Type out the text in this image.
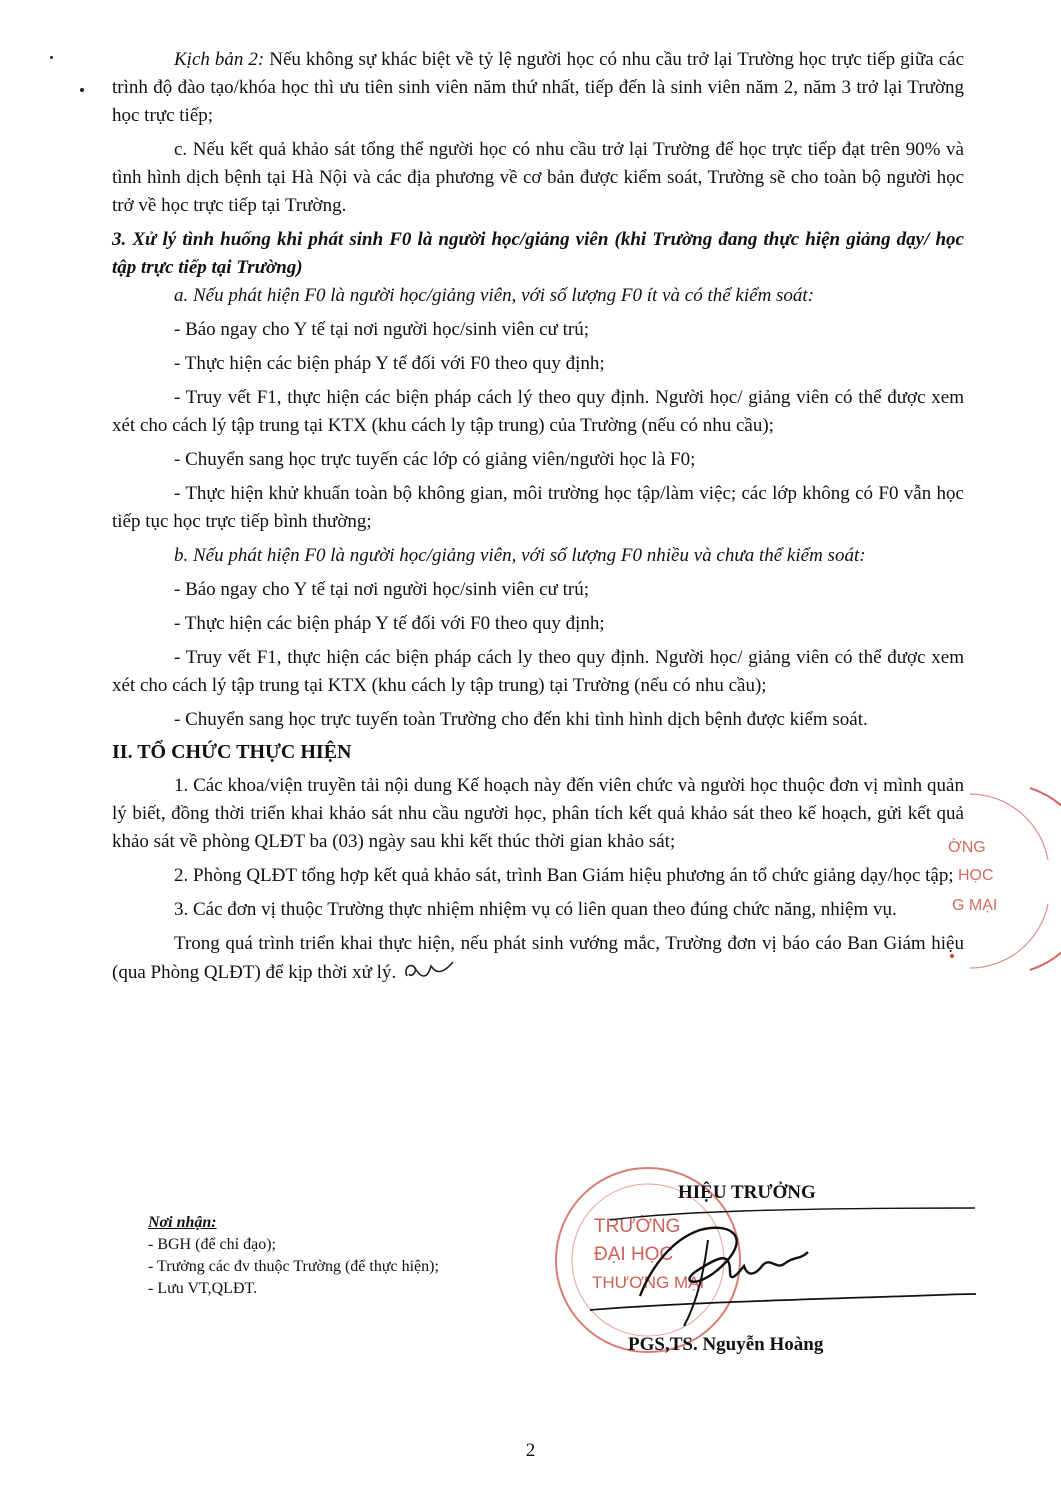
Kịch bản 2: Nếu không sự khác biệt về tỷ lệ người học có nhu cầu trở lại Trường học trực tiếp giữa các trình độ đào tạo/khóa học thì ưu tiên sinh viên năm thứ nhất, tiếp đến là sinh viên năm 2, năm 3 trở lại Trường học trực tiếp;

c. Nếu kết quả khảo sát tổng thể người học có nhu cầu trở lại Trường để học trực tiếp đạt trên 90% và tình hình dịch bệnh tại Hà Nội và các địa phương về cơ bản được kiểm soát, Trường sẽ cho toàn bộ người học trở về học trực tiếp tại Trường.

3. Xử lý tình huống khi phát sinh F0 là người học/giảng viên (khi Trường đang thực hiện giảng dạy/ học tập trực tiếp tại Trường)

a. Nếu phát hiện F0 là người học/giảng viên, với số lượng F0 ít và có thể kiểm soát:

- Báo ngay cho Y tế tại nơi người học/sinh viên cư trú;

- Thực hiện các biện pháp Y tế đối với F0 theo quy định;

- Truy vết F1, thực hiện các biện pháp cách lý theo quy định. Người học/ giảng viên có thể được xem xét cho cách lý tập trung tại KTX (khu cách ly tập trung) của Trường (nếu có nhu cầu);

- Chuyển sang học trực tuyến các lớp có giảng viên/người học là F0;

- Thực hiện khử khuẩn toàn bộ không gian, môi trường học tập/làm việc; các lớp không có F0 vẫn học tiếp tục học trực tiếp bình thường;

b. Nếu phát hiện F0 là người học/giảng viên, với số lượng F0 nhiều và chưa thể kiểm soát:

- Báo ngay cho Y tế tại nơi người học/sinh viên cư trú;

- Thực hiện các biện pháp Y tế đối với F0 theo quy định;

- Truy vết F1, thực hiện các biện pháp cách ly theo quy định. Người học/ giảng viên có thể được xem xét cho cách lý tập trung tại KTX (khu cách ly tập trung) tại Trường (nếu có nhu cầu);

- Chuyển sang học trực tuyến toàn Trường cho đến khi tình hình dịch bệnh được kiểm soát.

II. TỔ CHỨC THỰC HIỆN

1. Các khoa/viện truyền tải nội dung Kế hoạch này đến viên chức và người học thuộc đơn vị mình quản lý biết, đồng thời triển khai khảo sát nhu cầu người học, phân tích kết quả khảo sát theo kế hoạch, gửi kết quả khảo sát về phòng QLĐT ba (03) ngày sau khi kết thúc thời gian khảo sát;

2. Phòng QLĐT tổng hợp kết quả khảo sát, trình Ban Giám hiệu phương án tổ chức giảng dạy/học tập;

3. Các đơn vị thuộc Trường thực nhiệm nhiệm vụ có liên quan theo đúng chức năng, nhiệm vụ.

Trong quá trình triển khai thực hiện, nếu phát sinh vướng mắc, Trường đơn vị báo cáo Ban Giám hiệu (qua Phòng QLĐT) để kịp thời xử lý.

ỜNG
HỌC
G MẠI
Nơi nhận:
- BGH (để chỉ đạo);
- Trưởng các đv thuộc Trường (để thực hiện);
- Lưu VT,QLĐT.
TRƯỜNG
ĐẠI HỌC
THƯƠNG MẠI
HIỆU TRƯỞNG
PGS,TS. Nguyễn Hoàng
2
